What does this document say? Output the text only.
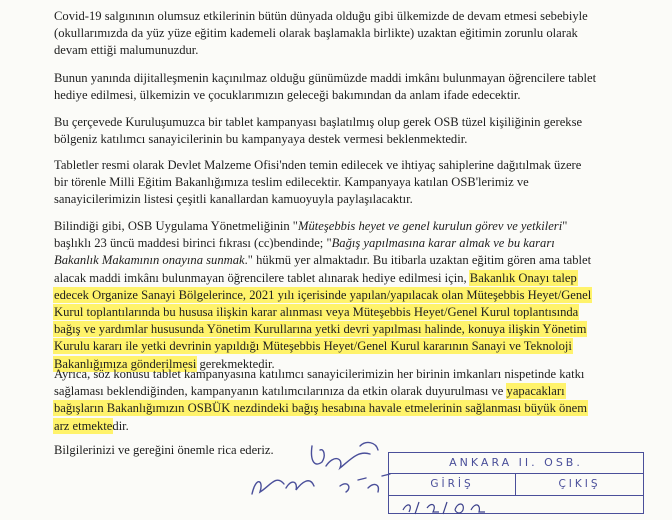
Covid-19 salgınının olumsuz etkilerinin bütün dünyada olduğu gibi ülkemizde de devam etmesi sebebiyle
(okullarımızda da yüz yüze eğitim kademeli olarak başlamakla birlikte) uzaktan eğitimin zorunlu olarak
devam ettiği malumunuzdur.
Bunun yanında dijitalleşmenin kaçınılmaz olduğu günümüzde maddi imkânı bulunmayan öğrencilere tablet
hediye edilmesi, ülkemizin ve çocuklarımızın geleceği bakımından da anlam ifade edecektir.
Bu çerçevede Kuruluşumuzca bir tablet kampanyası başlatılmış olup gerek OSB tüzel kişiliğinin gerekse
bölgeniz katılımcı sanayicilerinin bu kampanyaya destek vermesi beklenmektedir.
Tabletler resmi olarak Devlet Malzeme Ofisi'nden temin edilecek ve ihtiyaç sahiplerine dağıtılmak üzere
bir törenle Milli Eğitim Bakanlığımıza teslim edilecektir. Kampanyaya katılan OSB'lerimiz ve
sanayicilerimizin listesi çeşitli kanallardan kamuoyuyla paylaşılacaktır.
Bilindiği gibi, OSB Uygulama Yönetmeliğinin "Müteşebbis heyet ve genel kurulun görev ve yetkileri"
başlıklı 23 üncü maddesi birinci fıkrası (cc)bendinde; "Bağış yapılmasına karar almak ve bu kararı
Bakanlık Makamının onayına sunmak." hükmü yer almaktadır. Bu itibarla uzaktan eğitim gören ama tablet
alacak maddi imkânı bulunmayan öğrencilere tablet alınarak hediye edilmesi için, Bakanlık Onayı talep
edecek Organize Sanayi Bölgelerince, 2021 yılı içerisinde yapılan/yapılacak olan Müteşebbis Heyet/Genel
Kurul toplantılarında bu hususa ilişkin karar alınması veya Müteşebbis Heyet/Genel Kurul toplantısında
bağış ve yardımlar hususunda Yönetim Kurullarına yetki devri yapılması halinde, konuya ilişkin Yönetim
Kurulu kararı ile yetki devrinin yapıldığı Müteşebbis Heyet/Genel Kurul kararının Sanayi ve Teknoloji
Bakanlığımıza gönderilmesi gerekmektedir.
Ayrıca, söz konusu tablet kampanyasına katılımcı sanayicilerimizin her birinin imkanları nispetinde katkı
sağlaması beklendiğinden, kampanyanın katılımcılarınıza da etkin olarak duyurulması ve yapacakları
bağışların Bakanlığımızın OSBÜK nezdindeki bağış hesabına havale etmelerinin sağlanması büyük önem
arz etmektedir.
Bilgilerinizi ve gereğini önemle rica ederiz.
ANKARA II. OSB.
GİRİŞ	ÇIKIŞ
